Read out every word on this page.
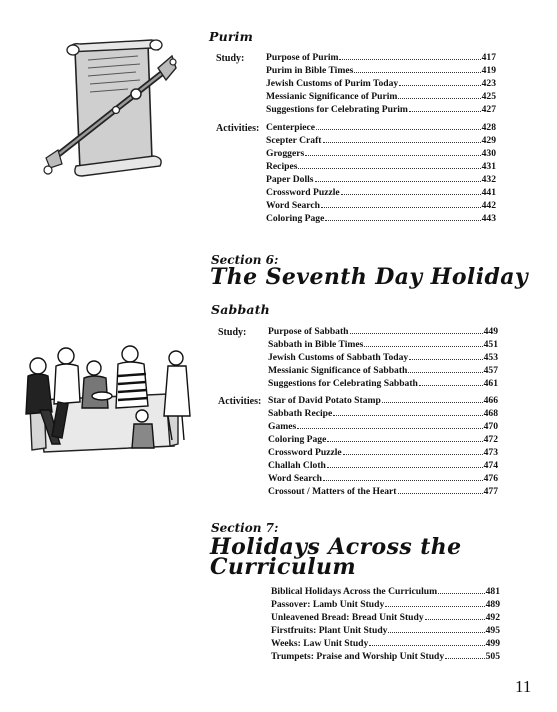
Purim
Study: Purpose of Purim	417
Purim in Bible Times	419
Jewish Customs of Purim Today	423
Messianic Significance of Purim	425
Suggestions for Celebrating Purim	427
Activities: Centerpiece	428
Scepter Craft	429
Groggers	430
Recipes	431
Paper Dolls	432
Crossword Puzzle	441
Word Search	442
Coloring Page	443
Section 6:
The Seventh Day Holiday
Sabbath
Study: Purpose of Sabbath	449
Sabbath in Bible Times	451
Jewish Customs of Sabbath Today	453
Messianic Significance of Sabbath	457
Suggestions for Celebrating Sabbath	461
Activities: Star of David Potato Stamp	466
Sabbath Recipe	468
Games	470
Coloring Page	472
Crossword Puzzle	473
Challah Cloth	474
Word Search	476
Crossout / Matters of the Heart	477
Section 7:
Holidays Across the
Curriculum
Biblical Holidays Across the Curriculum	481
Passover: Lamb Unit Study	489
Unleavened Bread: Bread Unit Study	492
Firstfruits: Plant Unit Study	495
Weeks: Law Unit Study	499
Trumpets: Praise and Worship Unit Study	505
11
